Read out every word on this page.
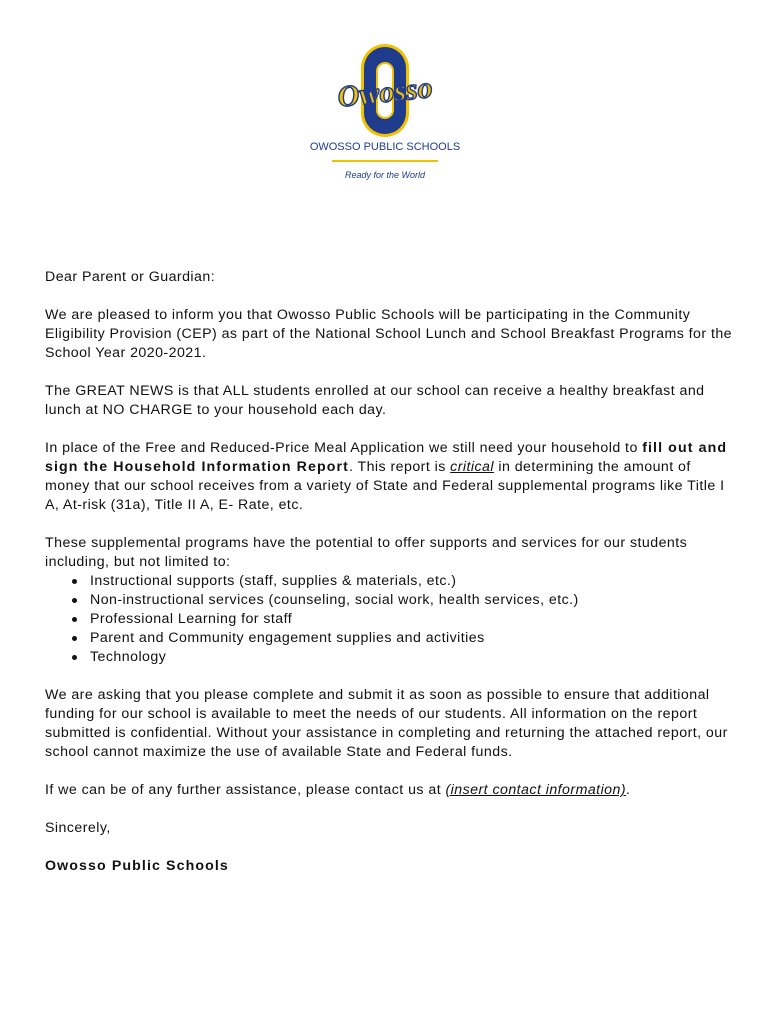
Owosso
OWOSSO PUBLIC SCHOOLS
Ready for the World

Dear Parent or Guardian:

We are pleased to inform you that Owosso Public Schools will be participating in the Community Eligibility Provision (CEP) as part of the National School Lunch and School Breakfast Programs for the School Year 2020-2021.

The GREAT NEWS is that ALL students enrolled at our school can receive a healthy breakfast and lunch at NO CHARGE to your household each day.

In place of the Free and Reduced-Price Meal Application we still need your household to fill out and sign the Household Information Report. This report is critical in determining the amount of money that our school receives from a variety of State and Federal supplemental programs like Title I A, At-risk (31a), Title II A, E- Rate, etc.

These supplemental programs have the potential to offer supports and services for our students including, but not limited to:

Instructional supports (staff, supplies & materials, etc.)
Non-instructional services (counseling, social work, health services, etc.)
Professional Learning for staff
Parent and Community engagement supplies and activities
Technology

We are asking that you please complete and submit it as soon as possible to ensure that additional funding for our school is available to meet the needs of our students. All information on the report submitted is confidential. Without your assistance in completing and returning the attached report, our school cannot maximize the use of available State and Federal funds.

If we can be of any further assistance, please contact us at (insert contact information).

Sincerely,

Owosso Public Schools
